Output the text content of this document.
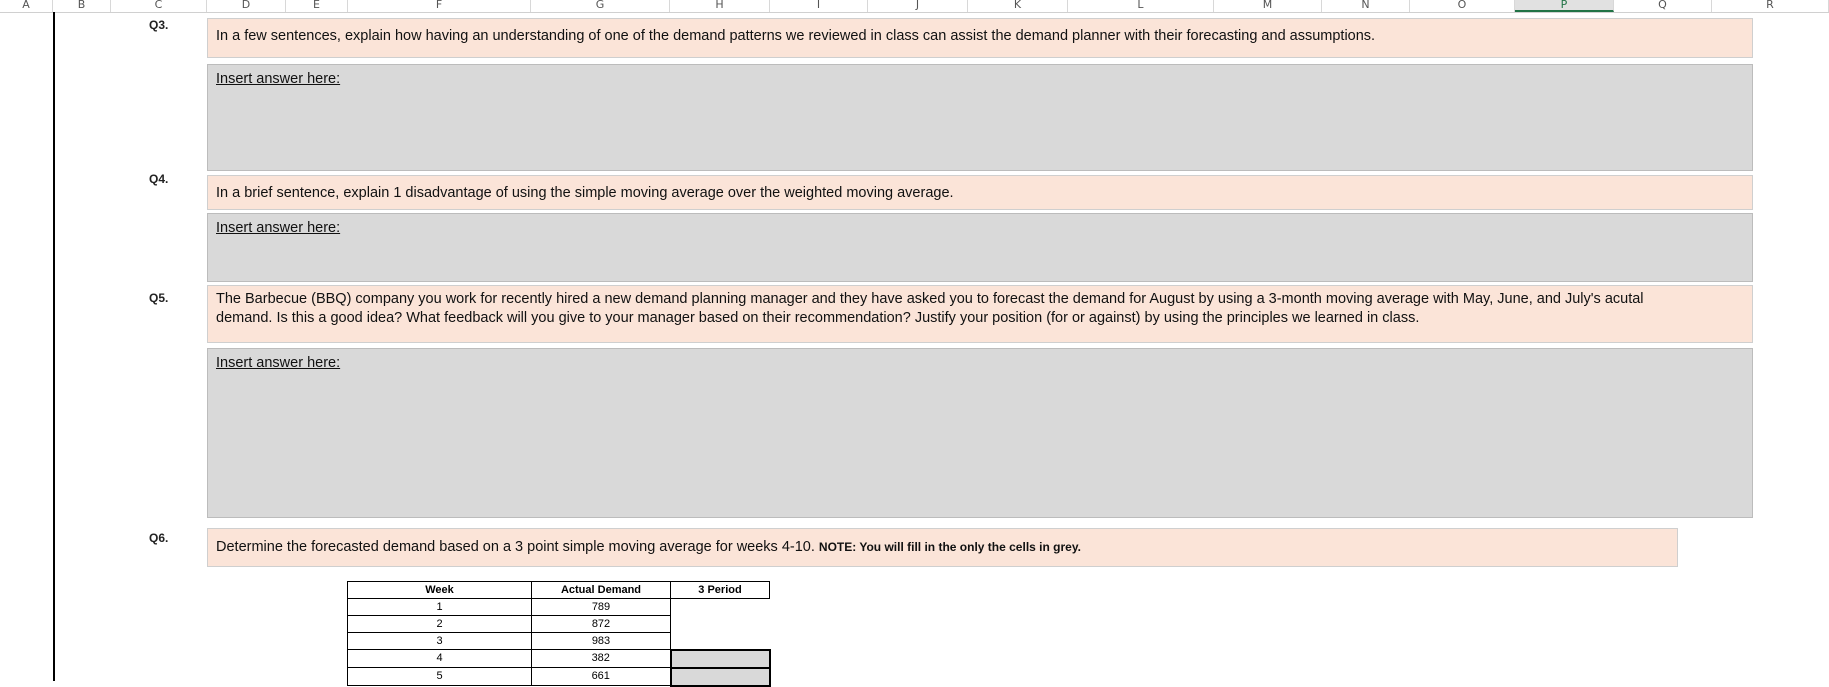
A	B	C	D	E	F	G	H	I	J	K	L	M	N	O	P	Q	R
Q3.
In a few sentences, explain how having an understanding of one of the demand patterns we reviewed in class can assist the demand planner with their forecasting and assumptions.
Insert answer here:
Q4.
In a brief sentence, explain 1 disadvantage of using the simple moving average over the weighted moving average.
Insert answer here:
Q5.	The Barbecue (BBQ) company you work for recently hired a new demand planning manager and they have asked you to forecast the demand for August by using a 3-month moving average with May, June, and July's acutal
demand. Is this a good idea? What feedback will you give to your manager based on their recommendation? Justify your position (for or against) by using the principles we learned in class.
Insert answer here:
Q6.
Determine the forecasted demand based on a 3 point simple moving average for weeks 4-10. NOTE: You will fill in the only the cells in grey.
Week	Actual Demand	3 Period
1	789	
2	872	
3	983	
4	382	
5	661	
